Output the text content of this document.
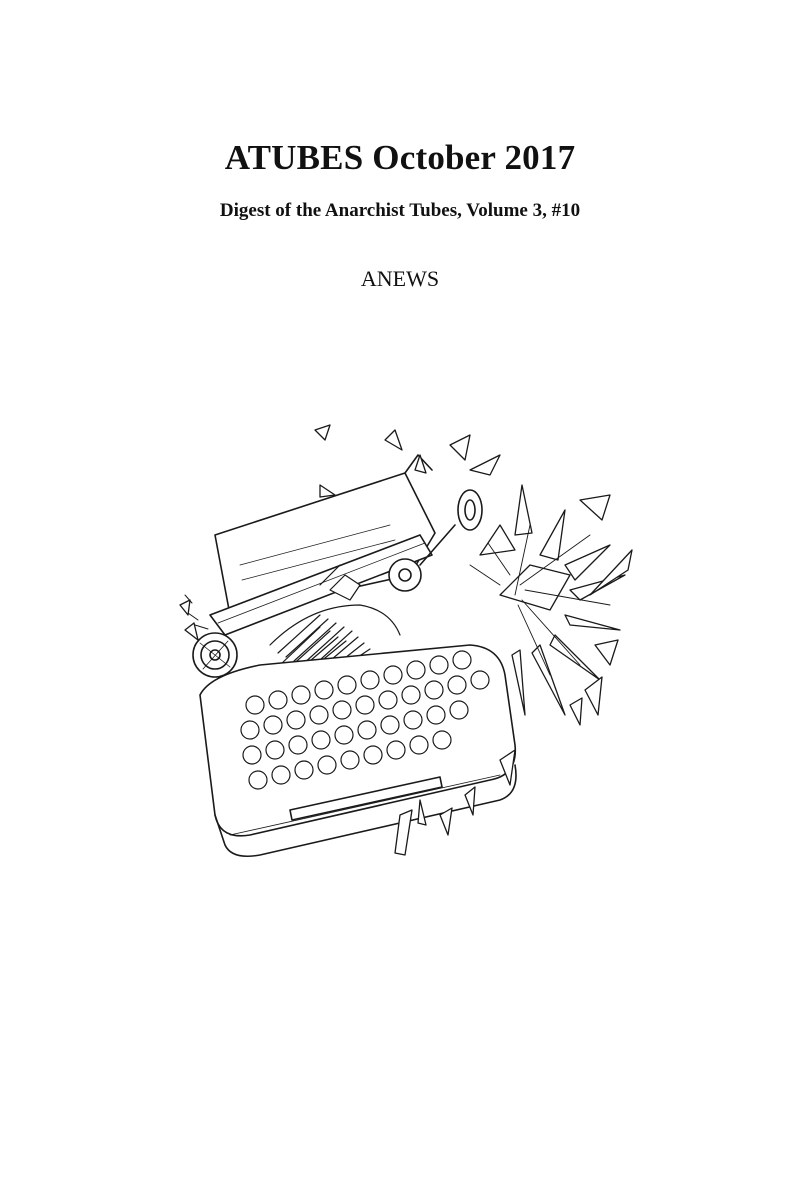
ATUBES October 2017
Digest of the Anarchist Tubes, Volume 3, #10
ANEWS
